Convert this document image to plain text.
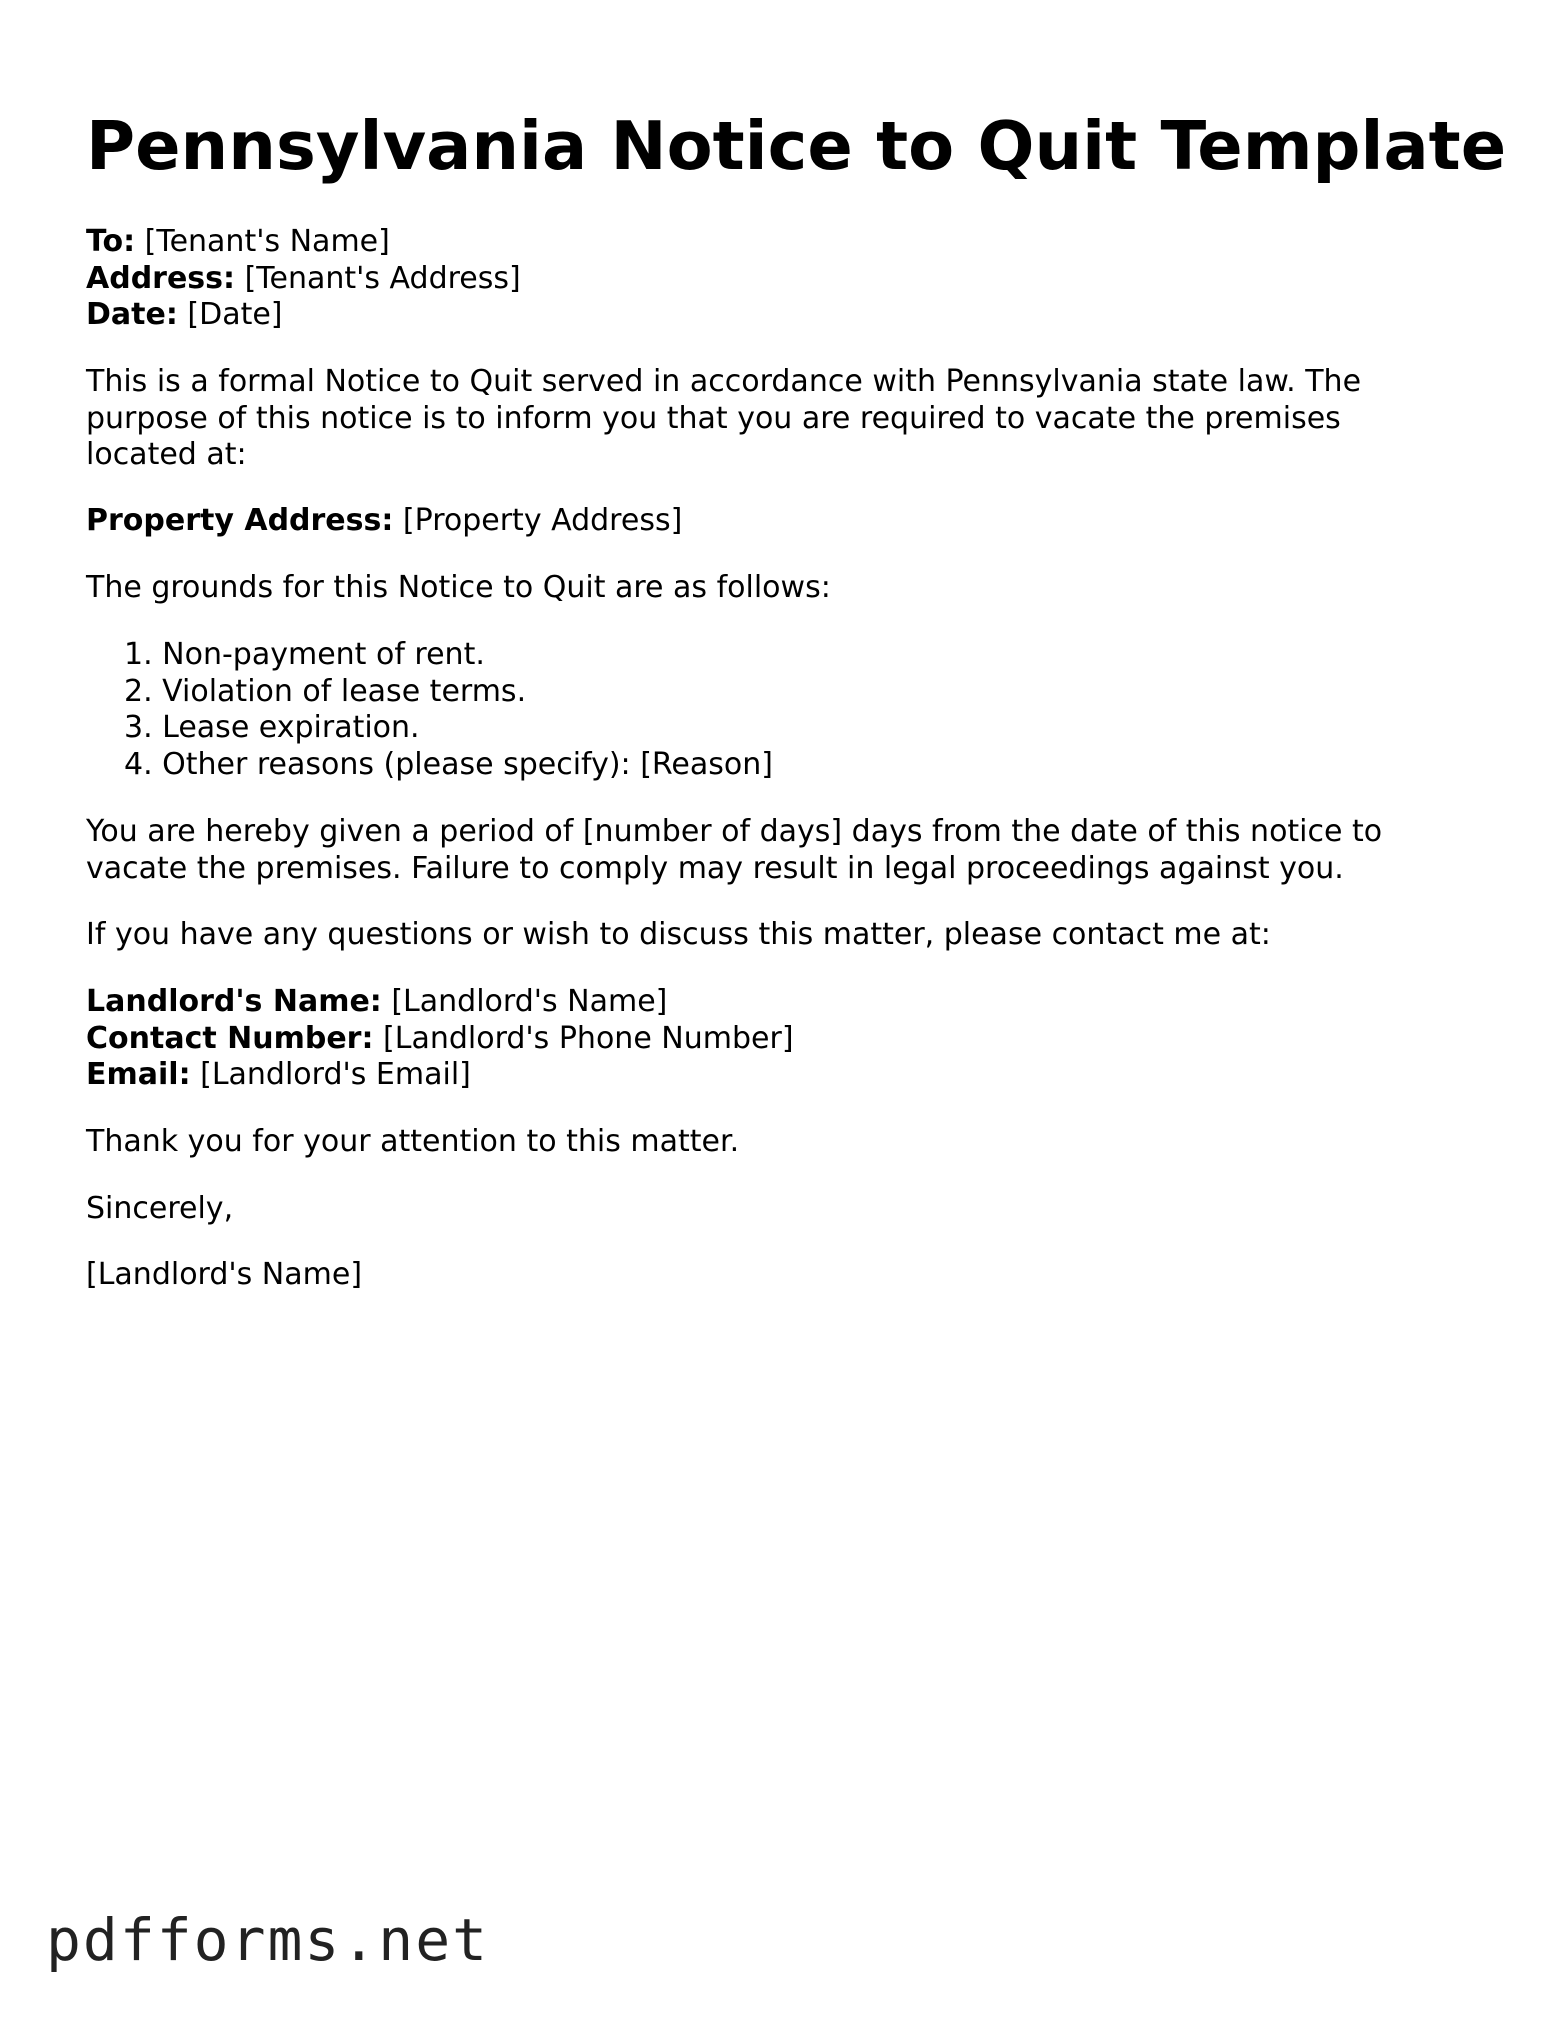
Pennsylvania Notice to Quit Template

To: [Tenant's Name]

Address: [Tenant's Address]

Date: [Date]

This is a formal Notice to Quit served in accordance with Pennsylvania state law. The

purpose of this notice is to inform you that you are required to vacate the premises

located at:

Property Address: [Property Address]

The grounds for this Notice to Quit are as follows:

1. Non-payment of rent.
2. Violation of lease terms.
3. Lease expiration.
4. Other reasons (please specify): [Reason]

You are hereby given a period of [number of days] days from the date of this notice to

vacate the premises. Failure to comply may result in legal proceedings against you.

If you have any questions or wish to discuss this matter, please contact me at:

Landlord's Name: [Landlord's Name]

Contact Number: [Landlord's Phone Number]

Email: [Landlord's Email]

Thank you for your attention to this matter.

Sincerely,

[Landlord's Name]

pdfforms.net
